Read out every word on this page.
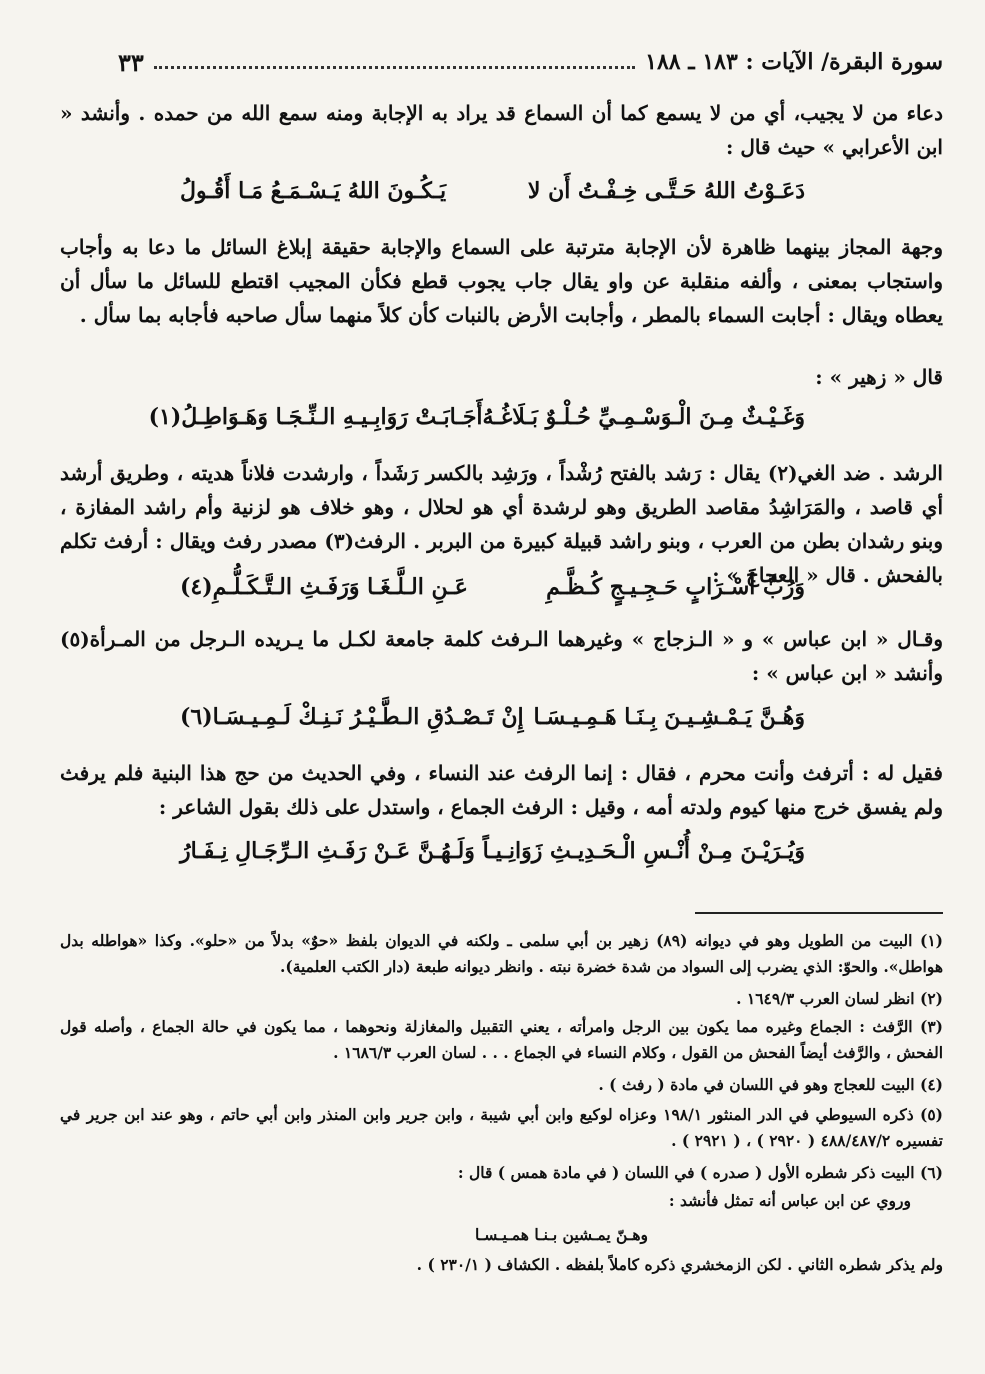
سورة البقرة/ الآيات : ١٨٣ ـ ١٨٨
٣٣
دعاء من لا يجيب، أي من لا يسمع كما أن السماع قد يراد به الإجابة ومنه سمع الله من حمده . وأنشد « ابن الأعرابي » حيث قال :
دَعَـوْتُ اللهُ حَـتَّـى خِـفْـتُ أَن لا
يَـكُـونَ اللهُ يَـسْـمَـعُ مَـا أَقُـولُ
وجهة المجاز بينهما ظاهرة لأن الإجابة مترتبة على السماع والإجابة حقيقة إبلاغ السائل ما دعا به وأجاب واستجاب بمعنى ، وألفه منقلبة عن واو يقال جاب يجوب قطع فكأن المجيب اقتطع للسائل ما سأل أن يعطاه ويقال : أجابت السماء بالمطر ، وأجابت الأرض بالنبات كأن كلاً منهما سأل صاحبه فأجابه بما سأل .
قال « زهير » :
وَغَـيْـثٌ مِـنَ الْـوَسْـمِـيِّ حُـلْـوٌ بَـلَاغُـهُ
أَجَـابَـتْ رَوَابِـيـهِ الـنِّـجَـا وَهَـوَاطِـلُ(١)
الرشد . ضد الغي(٢) يقال : رَشد بالفتح رُشْداً ، ورَشِد بالكسر رَشَداً ، وارشدت فلاناً هديته ، وطريق أرشد أي قاصد ، والمَرَاشِدُ مقاصد الطريق وهو لرشدة أي هو لحلال ، وهو خلاف هو لزنية وأم راشد المفازة ، وبنو رشدان بطن من العرب ، وبنو راشد قبيلة كبيرة من البربر . الرفث(٣) مصدر رفث ويقال : أرفث تكلم بالفحش . قال « العجاج » :
وَرُبَّ أَسْـرَابٍ حَـجِـيـجٍ كُـظَّـمِ
عَـنِ الـلَّـغَـا وَرَفَـثِ الـتَّـكَـلُّـمِ(٤)
وقـال « ابن عباس » و « الـزجاج » وغيرهما الـرفث كلمة جامعة لكـل ما يـريده الـرجل من المـرأة(٥) وأنشد « ابن عباس » :
وَهُـنَّ يَـمْـشِـيـنَ بِـنَـا هَـمِـيـسَـا
إِنْ تَـصْـدُقِ الـطَّـيْـرُ نَـنِـكْ لَـمِـيـسَـا(٦)
فقيل له : أترفث وأنت محرم ، فقال : إنما الرفث عند النساء ، وفي الحديث من حج هذا البنية فلم يرفث ولم يفسق خرج منها كيوم ولدته أمه ، وقيل : الرفث الجماع ، واستدل على ذلك بقول الشاعر :
وَيُـرَيْـنَ مِـنْ أُنْـسِ الْـحَـدِيـثِ زَوَانِـيـاً
وَلَـهُـنَّ عَـنْ رَفَـثِ الـرِّجَـالِ نِـفَـارُ
(١) البيت من الطويل وهو في ديوانه (٨٩) زهير بن أبي سلمى ـ ولكنه في الديوان بلفظ «حوٌ» بدلاً من «حلو». وكذا «هواطله بدل هواطل». والحوّ: الذي يضرب إلى السواد من شدة خضرة نبته . وانظر ديوانه طبعة (دار الكتب العلمية).
(٢) انظر لسان العرب ١٦٤٩/٣ .
(٣) الرَّفث : الجماع وغيره مما يكون بين الرجل وامرأته ، يعني التقبيل والمغازلة ونحوهما ، مما يكون في حالة الجماع ، وأصله قول الفحش ، والرَّفث أيضاً الفحش من القول ، وكلام النساء في الجماع . . . لسان العرب ١٦٨٦/٣ .
(٤) البيت للعجاج وهو في اللسان في مادة ( رفث ) .
(٥) ذكره السيوطي في الدر المنثور ١٩٨/١ وعزاه لوكيع وابن أبي شيبة ، وابن جرير وابن المنذر وابن أبي حاتم ، وهو عند ابن جرير في تفسيره ٤٨٨/٤٨٧/٢ ( ٢٩٢٠ ) ، ( ٢٩٢١ ) .
(٦) البيت ذكر شطره الأول ( صدره ) في اللسان ( في مادة همس ) قال :
وروي عن ابن عباس أنه تمثل فأنشد :
وهـنّ يمـشين بـنـا همـيـسـا
ولم يذكر شطره الثاني . لكن الزمخشري ذكره كاملاً بلفظه . الكشاف ( ٢٣٠/١ ) .
